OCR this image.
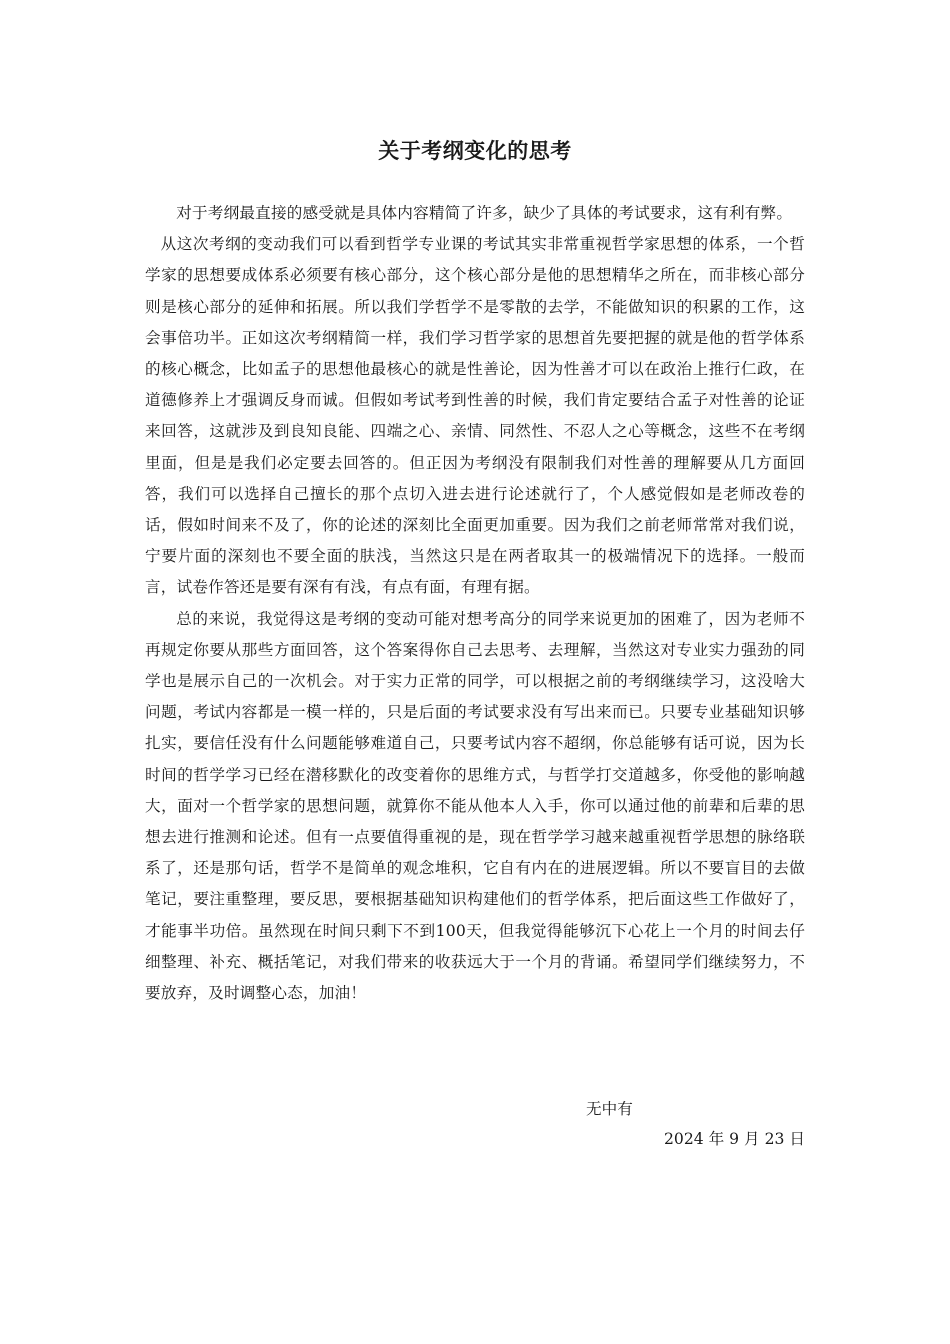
关于考纲变化的思考

对于考纲最直接的感受就是具体内容精简了许多，缺少了具体的考试要求，这有利有弊。

从这次考纲的变动我们可以看到哲学专业课的考试其实非常重视哲学家思想的体系，一个哲学家的思想要成体系必须要有核心部分，这个核心部分是他的思想精华之所在，而非核心部分则是核心部分的延伸和拓展。所以我们学哲学不是零散的去学，不能做知识的积累的工作，这会事倍功半。正如这次考纲精简一样，我们学习哲学家的思想首先要把握的就是他的哲学体系的核心概念，比如孟子的思想他最核心的就是性善论，因为性善才可以在政治上推行仁政，在道德修养上才强调反身而诚。但假如考试考到性善的时候，我们肯定要结合孟子对性善的论证来回答，这就涉及到良知良能、四端之心、亲情、同然性、不忍人之心等概念，这些不在考纲里面，但是是我们必定要去回答的。但正因为考纲没有限制我们对性善的理解要从几方面回答，我们可以选择自己擅长的那个点切入进去进行论述就行了，个人感觉假如是老师改卷的话，假如时间来不及了，你的论述的深刻比全面更加重要。因为我们之前老师常常对我们说，宁要片面的深刻也不要全面的肤浅，当然这只是在两者取其一的极端情况下的选择。一般而言，试卷作答还是要有深有有浅，有点有面，有理有据。

总的来说，我觉得这是考纲的变动可能对想考高分的同学来说更加的困难了，因为老师不再规定你要从那些方面回答，这个答案得你自己去思考、去理解，当然这对专业实力强劲的同学也是展示自己的一次机会。对于实力正常的同学，可以根据之前的考纲继续学习，这没啥大问题，考试内容都是一模一样的，只是后面的考试要求没有写出来而已。只要专业基础知识够扎实，要信任没有什么问题能够难道自己，只要考试内容不超纲，你总能够有话可说，因为长时间的哲学学习已经在潜移默化的改变着你的思维方式，与哲学打交道越多，你受他的影响越大，面对一个哲学家的思想问题，就算你不能从他本人入手，你可以通过他的前辈和后辈的思想去进行推测和论述。但有一点要值得重视的是，现在哲学学习越来越重视哲学思想的脉络联系了，还是那句话，哲学不是简单的观念堆积，它自有内在的进展逻辑。所以不要盲目的去做笔记，要注重整理，要反思，要根据基础知识构建他们的哲学体系，把后面这些工作做好了，才能事半功倍。虽然现在时间只剩下不到100天，但我觉得能够沉下心花上一个月的时间去仔细整理、补充、概括笔记，对我们带来的收获远大于一个月的背诵。希望同学们继续努力，不要放弃，及时调整心态，加油！

无中有
2024 年 9 月 23 日
